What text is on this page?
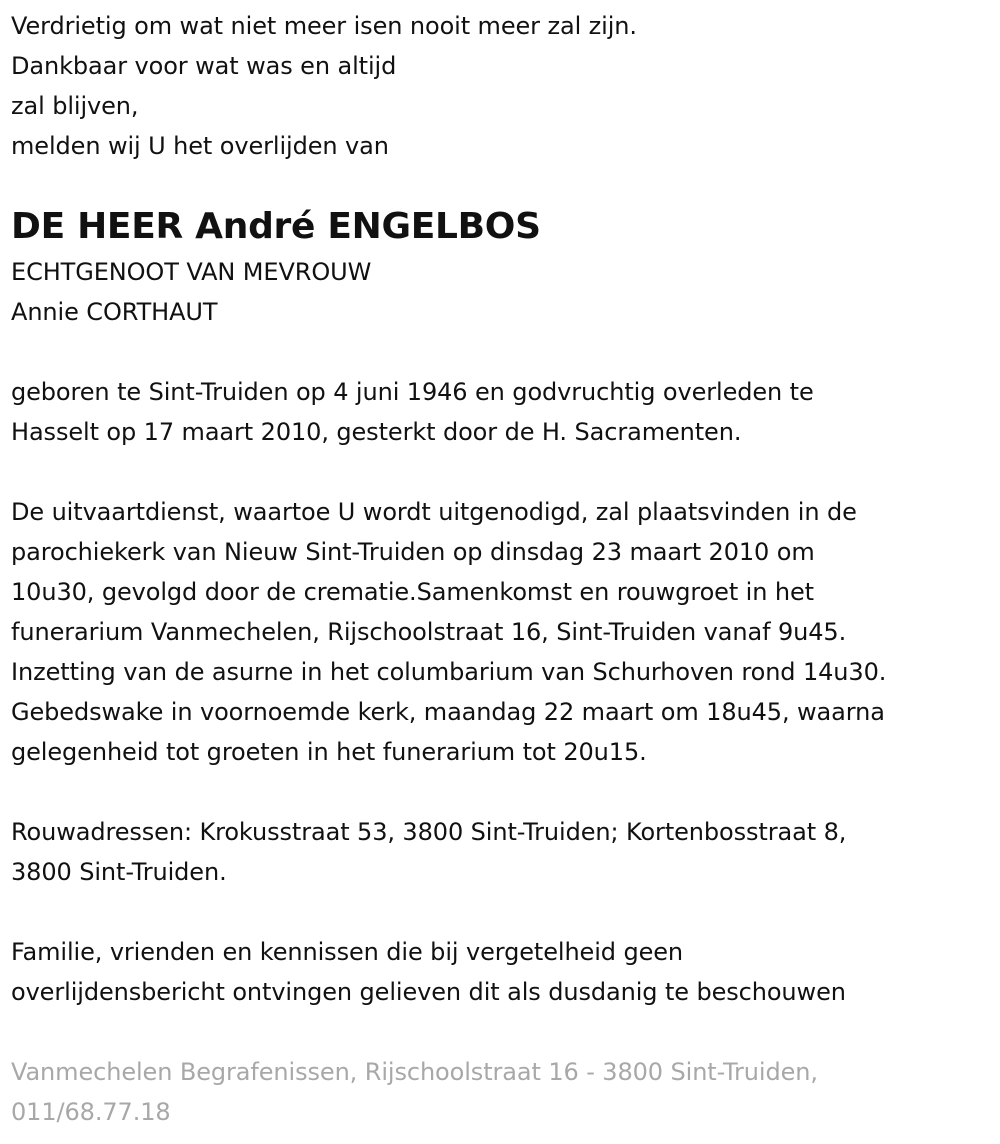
Verdrietig om wat niet meer isen nooit meer zal zijn.
Dankbaar voor wat was en altijd
zal blijven,
melden wij U het overlijden van
DE HEER André ENGELBOS
ECHTGENOOT VAN MEVROUW
Annie CORTHAUT
geboren te Sint-Truiden op 4 juni 1946 en godvruchtig overleden te
Hasselt op 17 maart 2010, gesterkt door de H. Sacramenten.
De uitvaartdienst, waartoe U wordt uitgenodigd, zal plaatsvinden in de
parochiekerk van Nieuw Sint-Truiden op dinsdag 23 maart 2010 om
10u30, gevolgd door de crematie.Samenkomst en rouwgroet in het
funerarium Vanmechelen, Rijschoolstraat 16, Sint-Truiden vanaf 9u45.
Inzetting van de asurne in het columbarium van Schurhoven rond 14u30.
Gebedswake in voornoemde kerk, maandag 22 maart om 18u45, waarna
gelegenheid tot groeten in het funerarium tot 20u15.
Rouwadressen: Krokusstraat 53, 3800 Sint-Truiden; Kortenbosstraat 8,
3800 Sint-Truiden.
Familie, vrienden en kennissen die bij vergetelheid geen
overlijdensbericht ontvingen gelieven dit als dusdanig te beschouwen
Vanmechelen Begrafenissen, Rijschoolstraat 16 - 3800 Sint-Truiden,
011/68.77.18
